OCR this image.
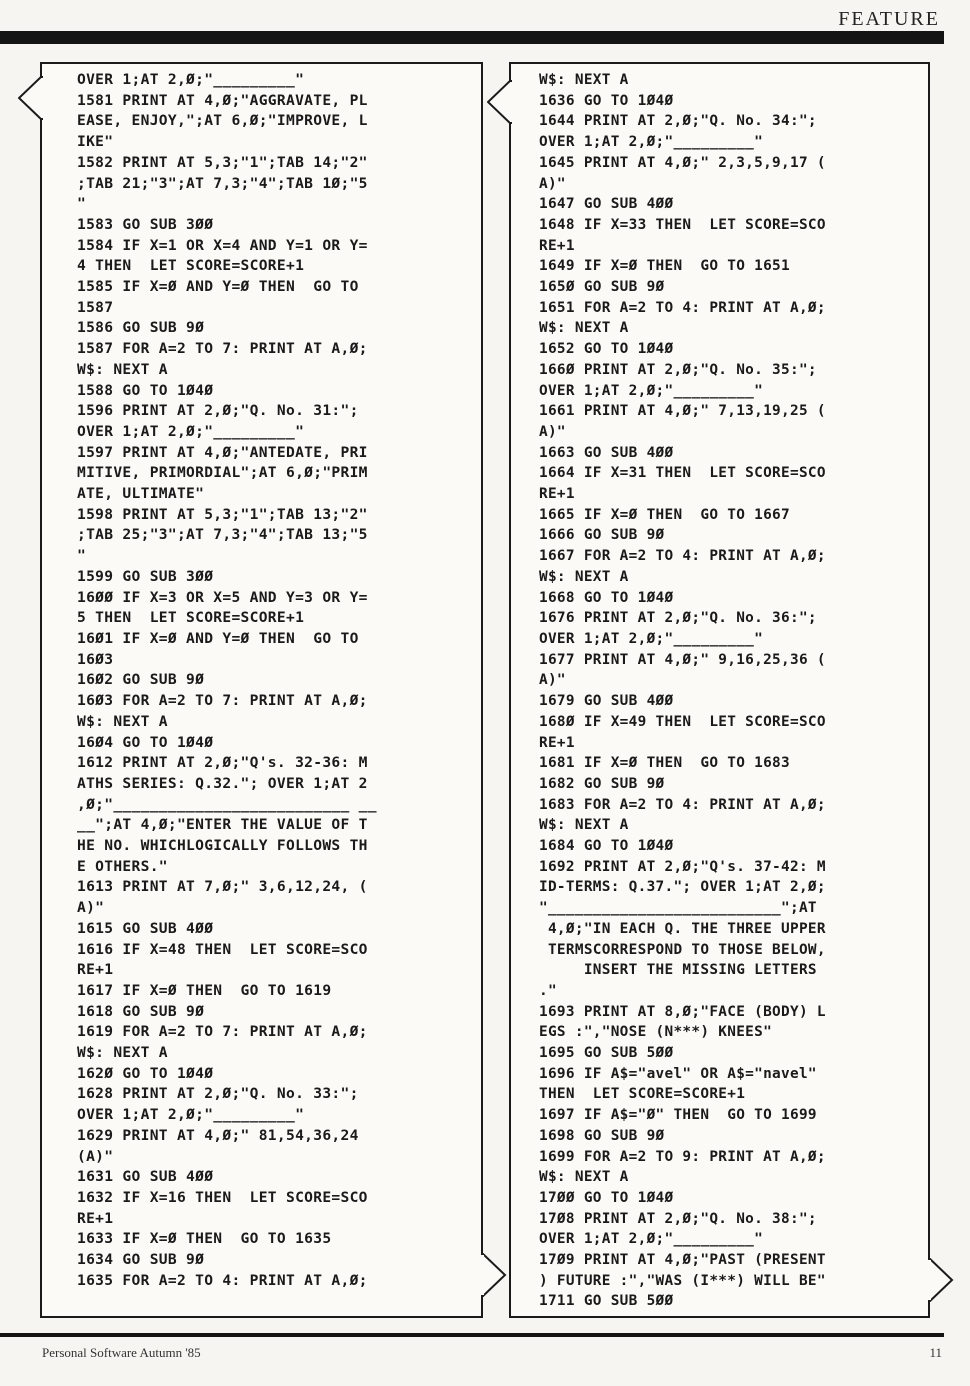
FEATURE
OVER 1;AT 2,Ø;"_________"
1581 PRINT AT 4,Ø;"AGGRAVATE, PL
EASE, ENJOY,";AT 6,Ø;"IMPROVE, L
IKE"
1582 PRINT AT 5,3;"1";TAB 14;"2"
;TAB 21;"3";AT 7,3;"4";TAB 1Ø;"5
"
1583 GO SUB 3ØØ
1584 IF X=1 OR X=4 AND Y=1 OR Y=
4 THEN  LET SCORE=SCORE+1
1585 IF X=Ø AND Y=Ø THEN  GO TO
1587
1586 GO SUB 9Ø
1587 FOR A=2 TO 7: PRINT AT A,Ø;
W$: NEXT A
1588 GO TO 1Ø4Ø
1596 PRINT AT 2,Ø;"Q. No. 31:";
OVER 1;AT 2,Ø;"_________"
1597 PRINT AT 4,Ø;"ANTEDATE, PRI
MITIVE, PRIMORDIAL";AT 6,Ø;"PRIM
ATE, ULTIMATE"
1598 PRINT AT 5,3;"1";TAB 13;"2"
;TAB 25;"3";AT 7,3;"4";TAB 13;"5
"
1599 GO SUB 3ØØ
16ØØ IF X=3 OR X=5 AND Y=3 OR Y=
5 THEN  LET SCORE=SCORE+1
16Ø1 IF X=Ø AND Y=Ø THEN  GO TO
16Ø3
16Ø2 GO SUB 9Ø
16Ø3 FOR A=2 TO 7: PRINT AT A,Ø;
W$: NEXT A
16Ø4 GO TO 1Ø4Ø
1612 PRINT AT 2,Ø;"Q's. 32-36: M
ATHS SERIES: Q.32."; OVER 1;AT 2
,Ø;"__________________________ __
__";AT 4,Ø;"ENTER THE VALUE OF T
HE NO. WHICHLOGICALLY FOLLOWS TH
E OTHERS."
1613 PRINT AT 7,Ø;" 3,6,12,24, (
A)"
1615 GO SUB 4ØØ
1616 IF X=48 THEN  LET SCORE=SCO
RE+1
1617 IF X=Ø THEN  GO TO 1619
1618 GO SUB 9Ø
1619 FOR A=2 TO 7: PRINT AT A,Ø;
W$: NEXT A
162Ø GO TO 1Ø4Ø
1628 PRINT AT 2,Ø;"Q. No. 33:";
OVER 1;AT 2,Ø;"_________"
1629 PRINT AT 4,Ø;" 81,54,36,24
(A)"
1631 GO SUB 4ØØ
1632 IF X=16 THEN  LET SCORE=SCO
RE+1
1633 IF X=Ø THEN  GO TO 1635
1634 GO SUB 9Ø
1635 FOR A=2 TO 4: PRINT AT A,Ø;
W$: NEXT A
1636 GO TO 1Ø4Ø
1644 PRINT AT 2,Ø;"Q. No. 34:";
OVER 1;AT 2,Ø;"_________"
1645 PRINT AT 4,Ø;" 2,3,5,9,17 (
A)"
1647 GO SUB 4ØØ
1648 IF X=33 THEN  LET SCORE=SCO
RE+1
1649 IF X=Ø THEN  GO TO 1651
165Ø GO SUB 9Ø
1651 FOR A=2 TO 4: PRINT AT A,Ø;
W$: NEXT A
1652 GO TO 1Ø4Ø
166Ø PRINT AT 2,Ø;"Q. No. 35:";
OVER 1;AT 2,Ø;"_________"
1661 PRINT AT 4,Ø;" 7,13,19,25 (
A)"
1663 GO SUB 4ØØ
1664 IF X=31 THEN  LET SCORE=SCO
RE+1
1665 IF X=Ø THEN  GO TO 1667
1666 GO SUB 9Ø
1667 FOR A=2 TO 4: PRINT AT A,Ø;
W$: NEXT A
1668 GO TO 1Ø4Ø
1676 PRINT AT 2,Ø;"Q. No. 36:";
OVER 1;AT 2,Ø;"_________"
1677 PRINT AT 4,Ø;" 9,16,25,36 (
A)"
1679 GO SUB 4ØØ
168Ø IF X=49 THEN  LET SCORE=SCO
RE+1
1681 IF X=Ø THEN  GO TO 1683
1682 GO SUB 9Ø
1683 FOR A=2 TO 4: PRINT AT A,Ø;
W$: NEXT A
1684 GO TO 1Ø4Ø
1692 PRINT AT 2,Ø;"Q's. 37-42: M
ID-TERMS: Q.37."; OVER 1;AT 2,Ø;
"__________________________";AT
4,Ø;"IN EACH Q. THE THREE UPPER
TERMSCORRESPOND TO THOSE BELOW,
INSERT THE MISSING LETTERS
."
1693 PRINT AT 8,Ø;"FACE (BODY) L
EGS :","NOSE (N***) KNEES"
1695 GO SUB 5ØØ
1696 IF A$="avel" OR A$="navel"
THEN  LET SCORE=SCORE+1
1697 IF A$="Ø" THEN  GO TO 1699
1698 GO SUB 9Ø
1699 FOR A=2 TO 9: PRINT AT A,Ø;
W$: NEXT A
17ØØ GO TO 1Ø4Ø
17Ø8 PRINT AT 2,Ø;"Q. No. 38:";
OVER 1;AT 2,Ø;"_________"
17Ø9 PRINT AT 4,Ø;"PAST (PRESENT
) FUTURE :","WAS (I***) WILL BE"
1711 GO SUB 5ØØ
Personal Software Autumn '85	11
